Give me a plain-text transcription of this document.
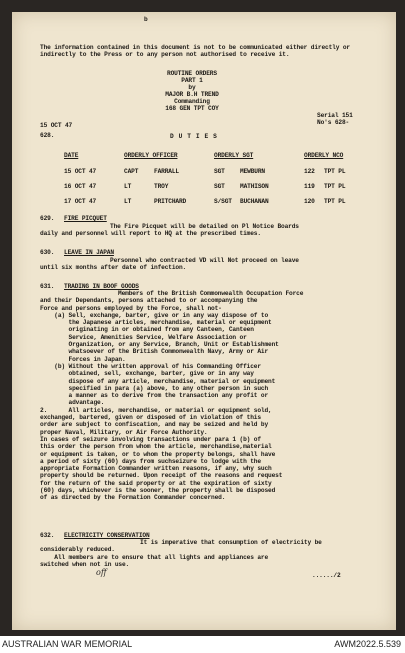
b
The information contained in this document is not to be communicated either directly or indirectly to the Press or to any person not authorised to receive it.
ROUTINE ORDERS
PART 1
by
MAJOR B.H TREND
Commanding
168 GEN TPT COY
15 OCT 47
Serial 151
No's 628-
628.	D U T I E S
DATE	ORDERLY OFFICER	ORDERLY SGT	ORDERLY NCO
15 OCT 47	CAPT	FARRALL	SGT MEWBURN	122 TPT PL
16 OCT 47	LT	TROY	SGT MATHISON	119 TPT PL
17 OCT 47	LT	PRITCHARD	S/SGT BUCHANAN	120 TPT PL
629. FIRE PICQUET
The Fire Picquet will be detailed on Pl Notice Boards
daily and personnel will report to HQ at the prescribed times.
630. LEAVE IN JAPAN
Personnel who contracted VD will Not proceed on leave
until six months after date of infection.
631. TRADING IN BOOF GOODS
Members of the British Commonwealth Occupation Force
and their Dependants, persons attached to or accompanying the
Force and persons employed by the Force, shall not-
(a) Sell, exchange, barter, give or in any way dispose of to
the Japanese articles, merchandise, material or equipment
originating in or obtained from any Canteen, Canteen
Service, Amenities Service, Welfare Association or
Organization, or any Service, Branch, Unit or Establishment
whatsoever of the British Commonwealth Navy, Army or Air
Forces in Japan.
(b) Without the written approval of his Commanding Officer
obtained, sell, exchange, barter, give or in any way
dispose of any article, merchandise, material or equipment
specified in para (a) above, to any other person in such
a manner as to derive from the transaction any profit or
advantage.
2.      All articles, merchandise, or material or equipment sold,
exchanged, bartered, given or disposed of in violation of this
order are subject to confiscation, and may be seized and held by
proper Naval, Military, or Air Force Authority.
In cases of seizure involving transactions under para 1 (b) of
this order the person from whom the article, merchandise,material
or equipment is taken, or to whom the property belongs, shall have
a period of sixty (60) days from suchseizure to lodge with the
appropriate Formation Commander written reasons, if any, why such
property should be returned. Upon receipt of the reasons and request
for the return of the said property or at the expiration of sixty
(60) days, whichever is the sooner, the property shall be disposed
of as directed by the Formation Commander concerned.
632. ELECTRICITY CONSERVATION
It is imperative that consumption of electricity be
considerably reduced.
All members are to ensure that all lights and appliances are
switched when not in use.
off	....../2
AUSTRALIAN WAR MEMORIAL	AWM2022.5.539
